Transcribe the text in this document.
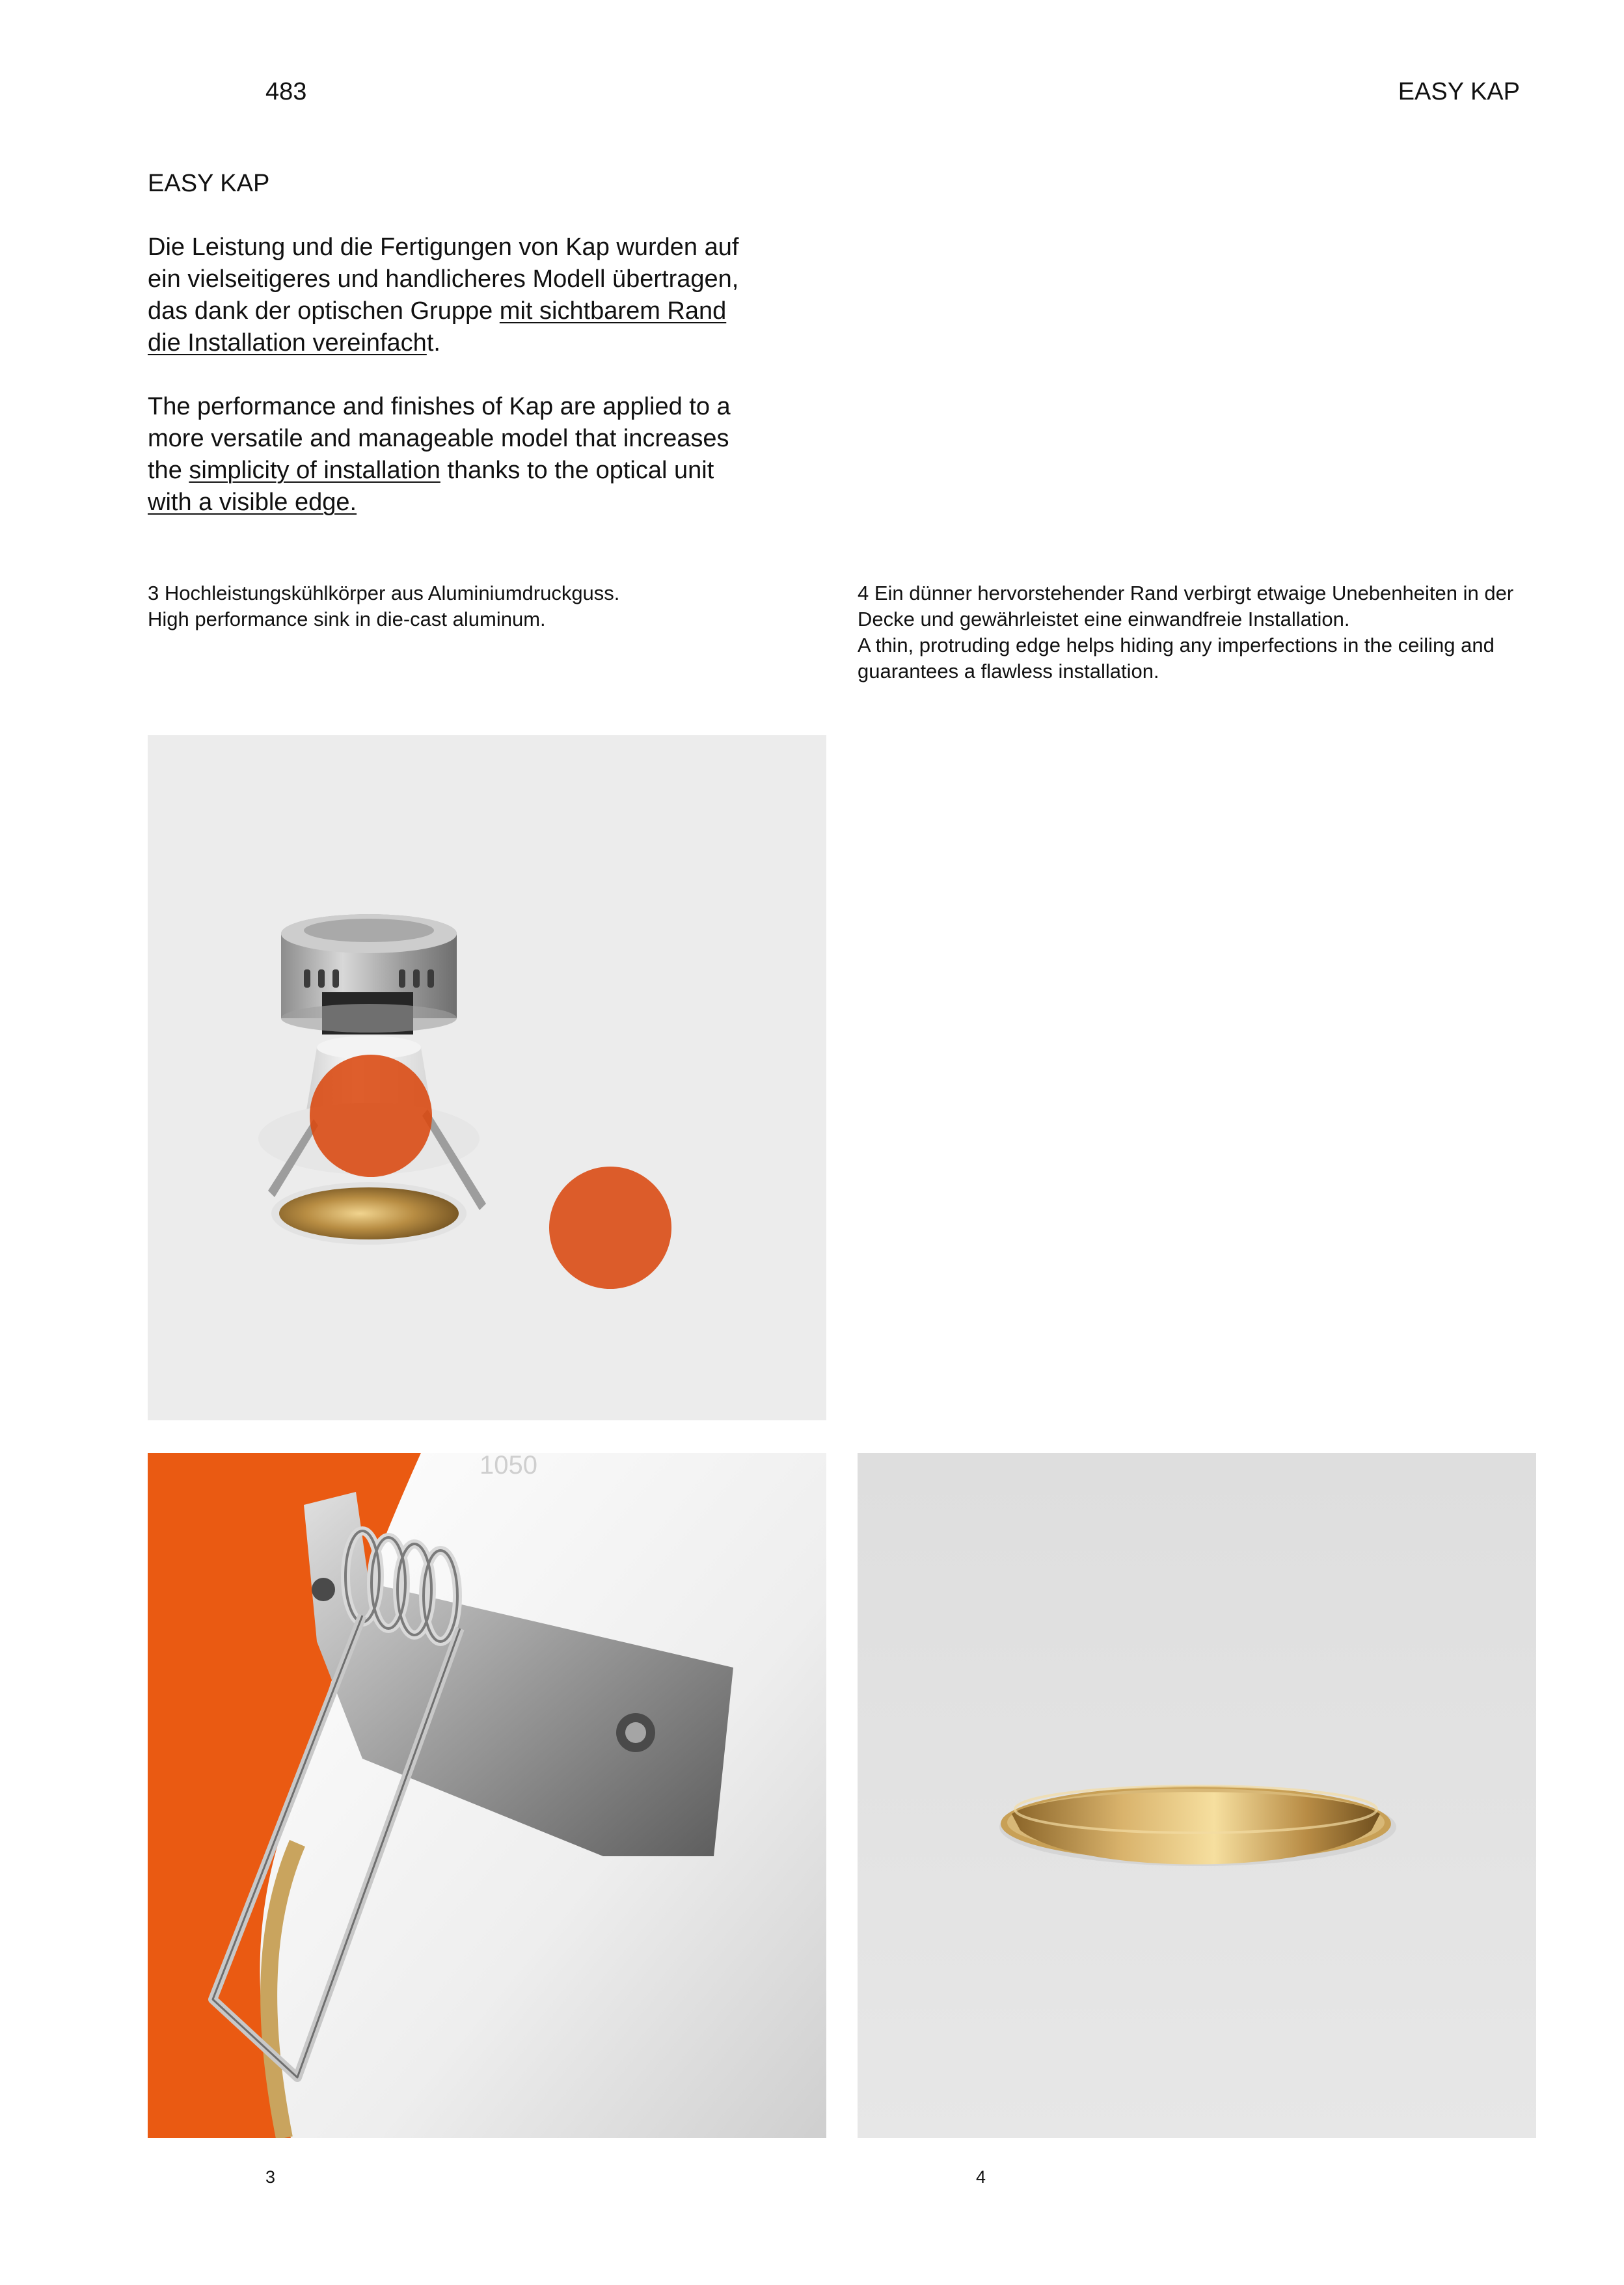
483	EASY KAP

EASY KAP

Die Leistung und die Fertigungen von Kap wurden auf ein vielseitigeres und handlicheres Modell übertragen, das dank der optischen Gruppe mit sichtbarem Rand die Installation vereinfacht.

The performance and finishes of Kap are applied to a more versatile and manageable model that increases the simplicity of installation thanks to the optical unit with a visible edge.

3 Hochleistungskühlkörper aus Aluminiumdruckguss.

High performance sink in die-cast aluminum.

4 Ein dünner hervorstehender Rand verbirgt etwaige Unebenheiten in der Decke und gewährleistet eine einwandfreie Installation.

A thin, protruding edge helps hiding any imperfections in the ceiling and guarantees a flawless installation.

1050
3	4
